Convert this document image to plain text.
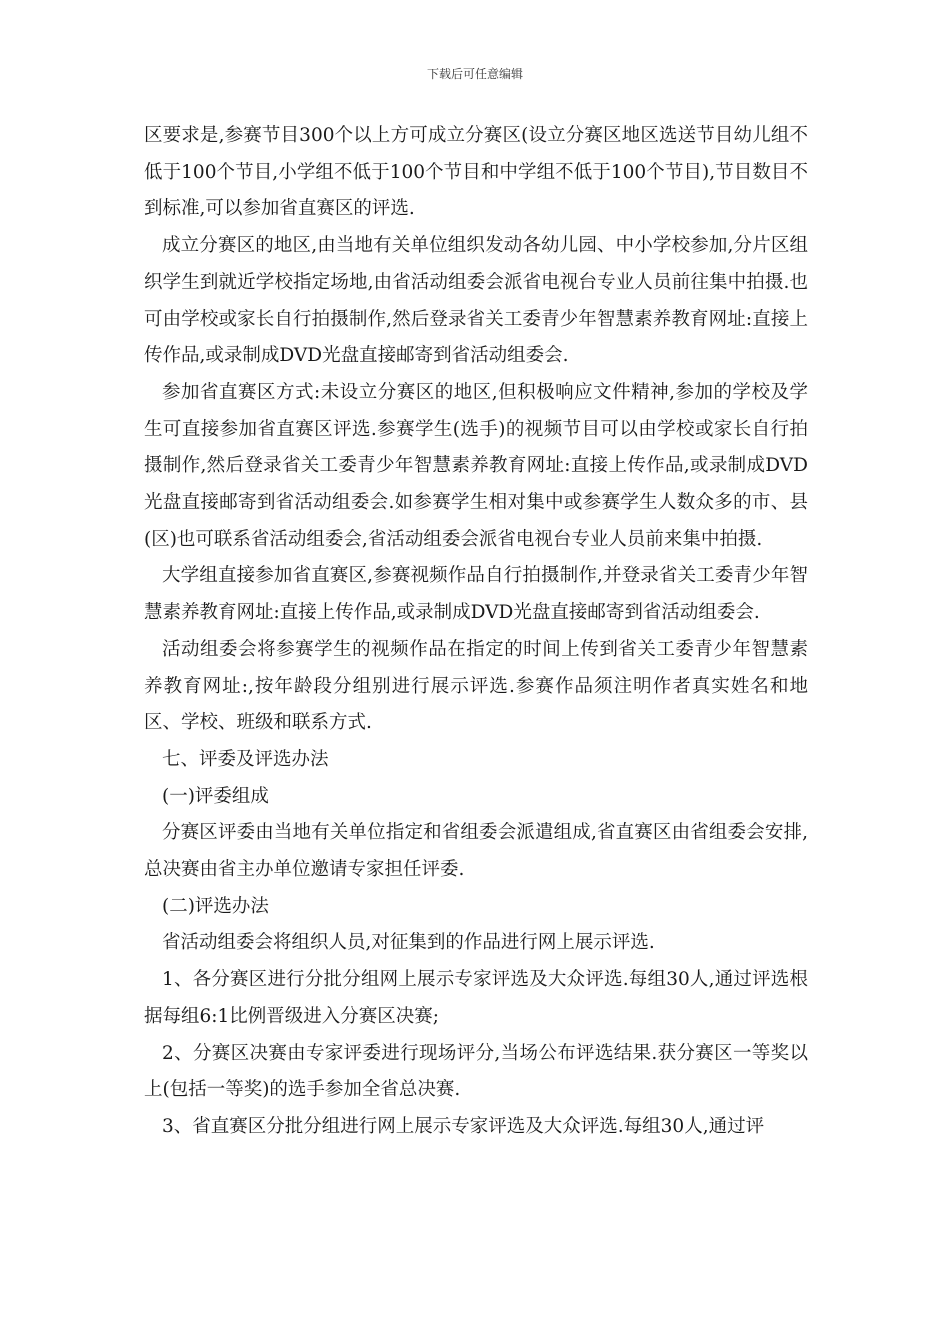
下载后可任意编辑

区要求是,参赛节目300个以上方可成立分赛区(设立分赛区地区选送节目幼儿组不低于100个节目,小学组不低于100个节目和中学组不低于100个节目),节目数目不到标准,可以参加省直赛区的评选.

成立分赛区的地区,由当地有关单位组织发动各幼儿园、中小学校参加,分片区组织学生到就近学校指定场地,由省活动组委会派省电视台专业人员前往集中拍摄.也可由学校或家长自行拍摄制作,然后登录省关工委青少年智慧素养教育网址:直接上传作品,或录制成DVD光盘直接邮寄到省活动组委会.

参加省直赛区方式:未设立分赛区的地区,但积极响应文件精神,参加的学校及学生可直接参加省直赛区评选.参赛学生(选手)的视频节目可以由学校或家长自行拍摄制作,然后登录省关工委青少年智慧素养教育网址:直接上传作品,或录制成DVD光盘直接邮寄到省活动组委会.如参赛学生相对集中或参赛学生人数众多的市、县(区)也可联系省活动组委会,省活动组委会派省电视台专业人员前来集中拍摄.

大学组直接参加省直赛区,参赛视频作品自行拍摄制作,并登录省关工委青少年智慧素养教育网址:直接上传作品,或录制成DVD光盘直接邮寄到省活动组委会.

活动组委会将参赛学生的视频作品在指定的时间上传到省关工委青少年智慧素养教育网址:,按年龄段分组别进行展示评选.参赛作品须注明作者真实姓名和地区、学校、班级和联系方式.

七、评委及评选办法

(一)评委组成

分赛区评委由当地有关单位指定和省组委会派遣组成,省直赛区由省组委会安排,总决赛由省主办单位邀请专家担任评委.

(二)评选办法

省活动组委会将组织人员,对征集到的作品进行网上展示评选.

1、各分赛区进行分批分组网上展示专家评选及大众评选.每组30人,通过评选根据每组6:1比例晋级进入分赛区决赛;

2、分赛区决赛由专家评委进行现场评分,当场公布评选结果.获分赛区一等奖以上(包括一等奖)的选手参加全省总决赛.

3、省直赛区分批分组进行网上展示专家评选及大众评选.每组30人,通过评
